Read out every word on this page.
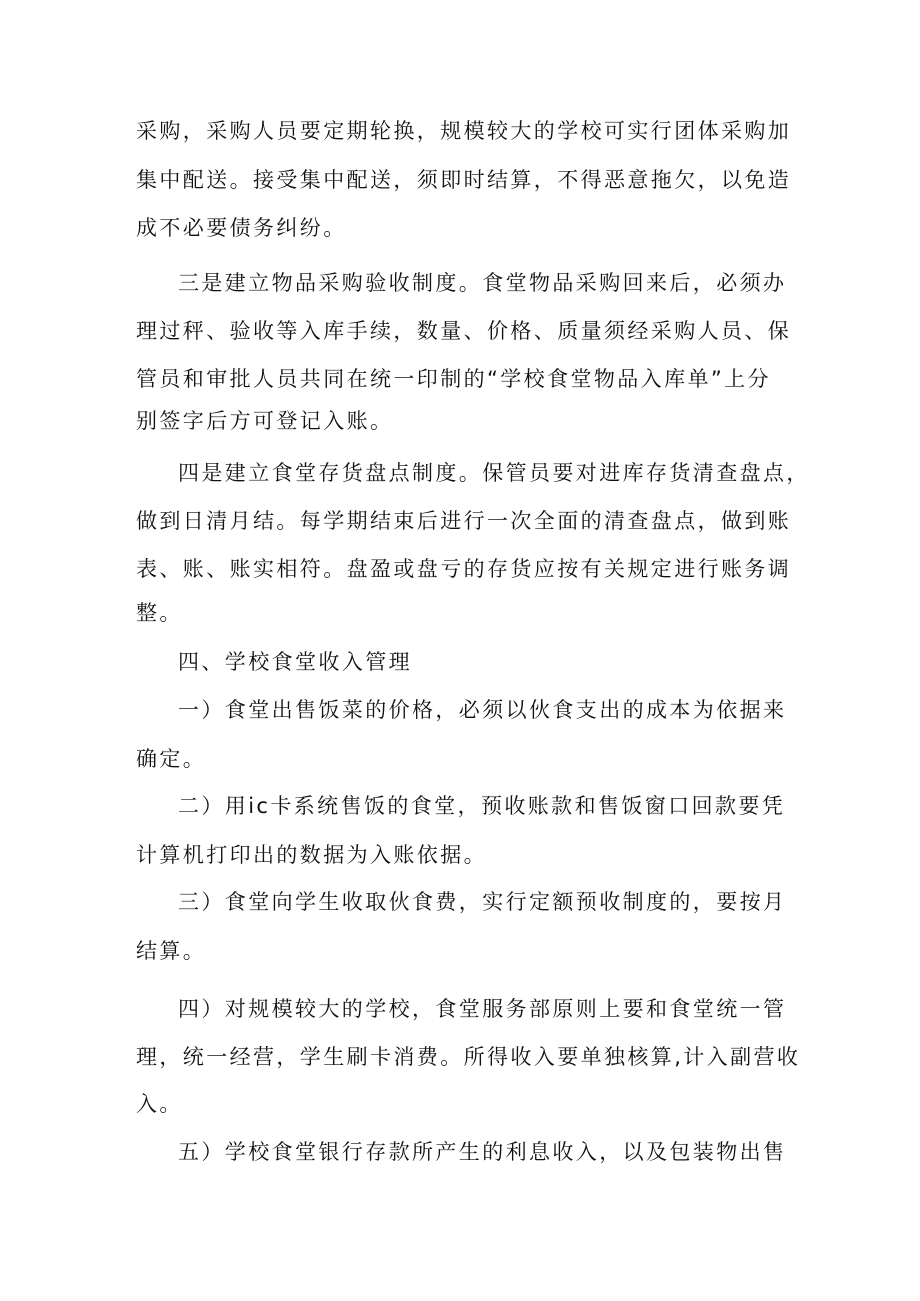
采购，采购人员要定期轮换，规模较大的学校可实行团体采购加
集中配送。接受集中配送，须即时结算，不得恶意拖欠，以免造
成不必要债务纠纷。
三是建立物品采购验收制度。食堂物品采购回来后，必须办
理过秤、验收等入库手续，数量、价格、质量须经采购人员、保
管员和审批人员共同在统一印制的“学校食堂物品入库单”上分
别签字后方可登记入账。
四是建立食堂存货盘点制度。保管员要对进库存货清查盘点，
做到日清月结。每学期结束后进行一次全面的清查盘点，做到账
表、账、账实相符。盘盈或盘亏的存货应按有关规定进行账务调
整。
四、学校食堂收入管理
一）食堂出售饭菜的价格，必须以伙食支出的成本为依据来
确定。
二）用ic卡系统售饭的食堂，预收账款和售饭窗口回款要凭
计算机打印出的数据为入账依据。
三）食堂向学生收取伙食费，实行定额预收制度的，要按月
结算。
四）对规模较大的学校，食堂服务部原则上要和食堂统一管
理，统一经营，学生刷卡消费。所得收入要单独核算,计入副营收
入。
五）学校食堂银行存款所产生的利息收入，以及包装物出售
